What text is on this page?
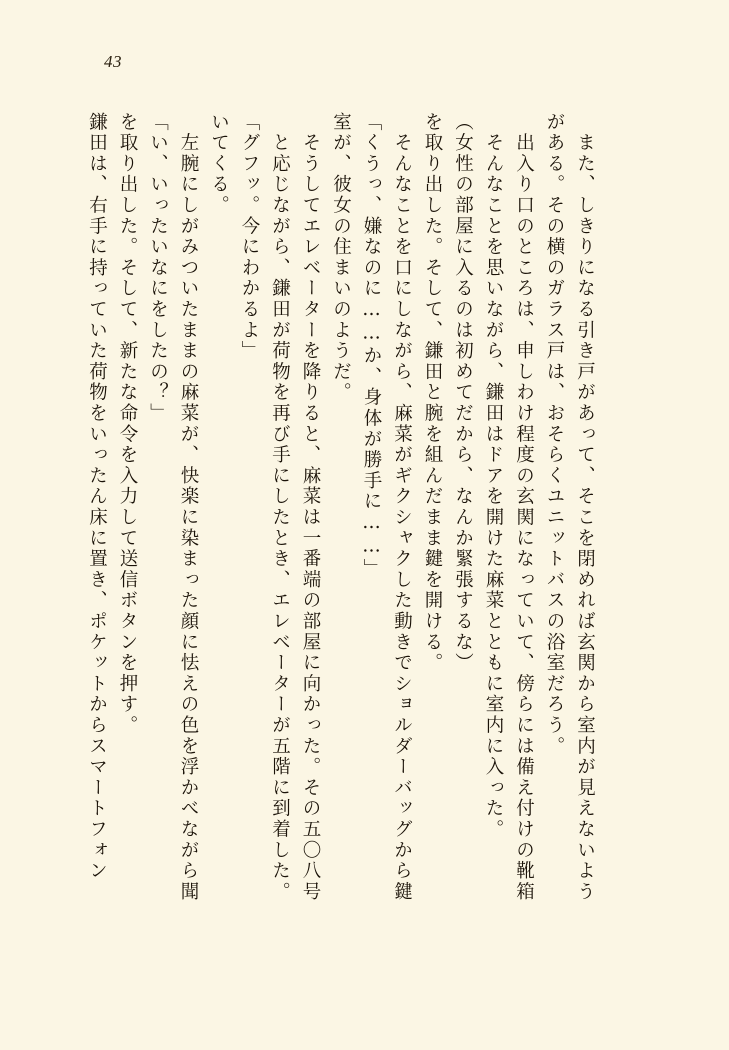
43
鎌田は、右手に持っていた荷物をいったん床に置き、ポケットからスマートフォン を取り出した。そして、新たな命令を入力して送信ボタンを押す。 「い、いったいなにをしたの？」 　左腕にしがみついたままの麻菜が、快楽に染まった顔に怯えの色を浮かべながら聞 いてくる。 「グフッ。今にわかるよ」 　と応じながら、鎌田が荷物を再び手にしたとき、エレベーターが五階に到着した。 　そうしてエレベーターを降りると、麻菜は一番端の部屋に向かった。その五〇八号 室が、彼女の住まいのようだ。 「くうっ、嫌なのに……か、身体が勝手に……」 　そんなことを口にしながら、麻菜がギクシャクした動きでショルダーバッグから鍵 を取り出した。そして、鎌田と腕を組んだまま鍵を開ける。 （女性の部屋に入るのは初めてだから、なんか緊張するな） 　そんなことを思いながら、鎌田はドアを開けた麻菜とともに室内に入った。 　出入り口のところは、申しわけ程度の玄関になっていて、傍らには備え付けの靴箱 がある。その横のガラス戸は、おそらくユニットバスの浴室だろう。 　また、しきりになる引き戸があって、そこを閉めれば玄関から室内が見えないよう
